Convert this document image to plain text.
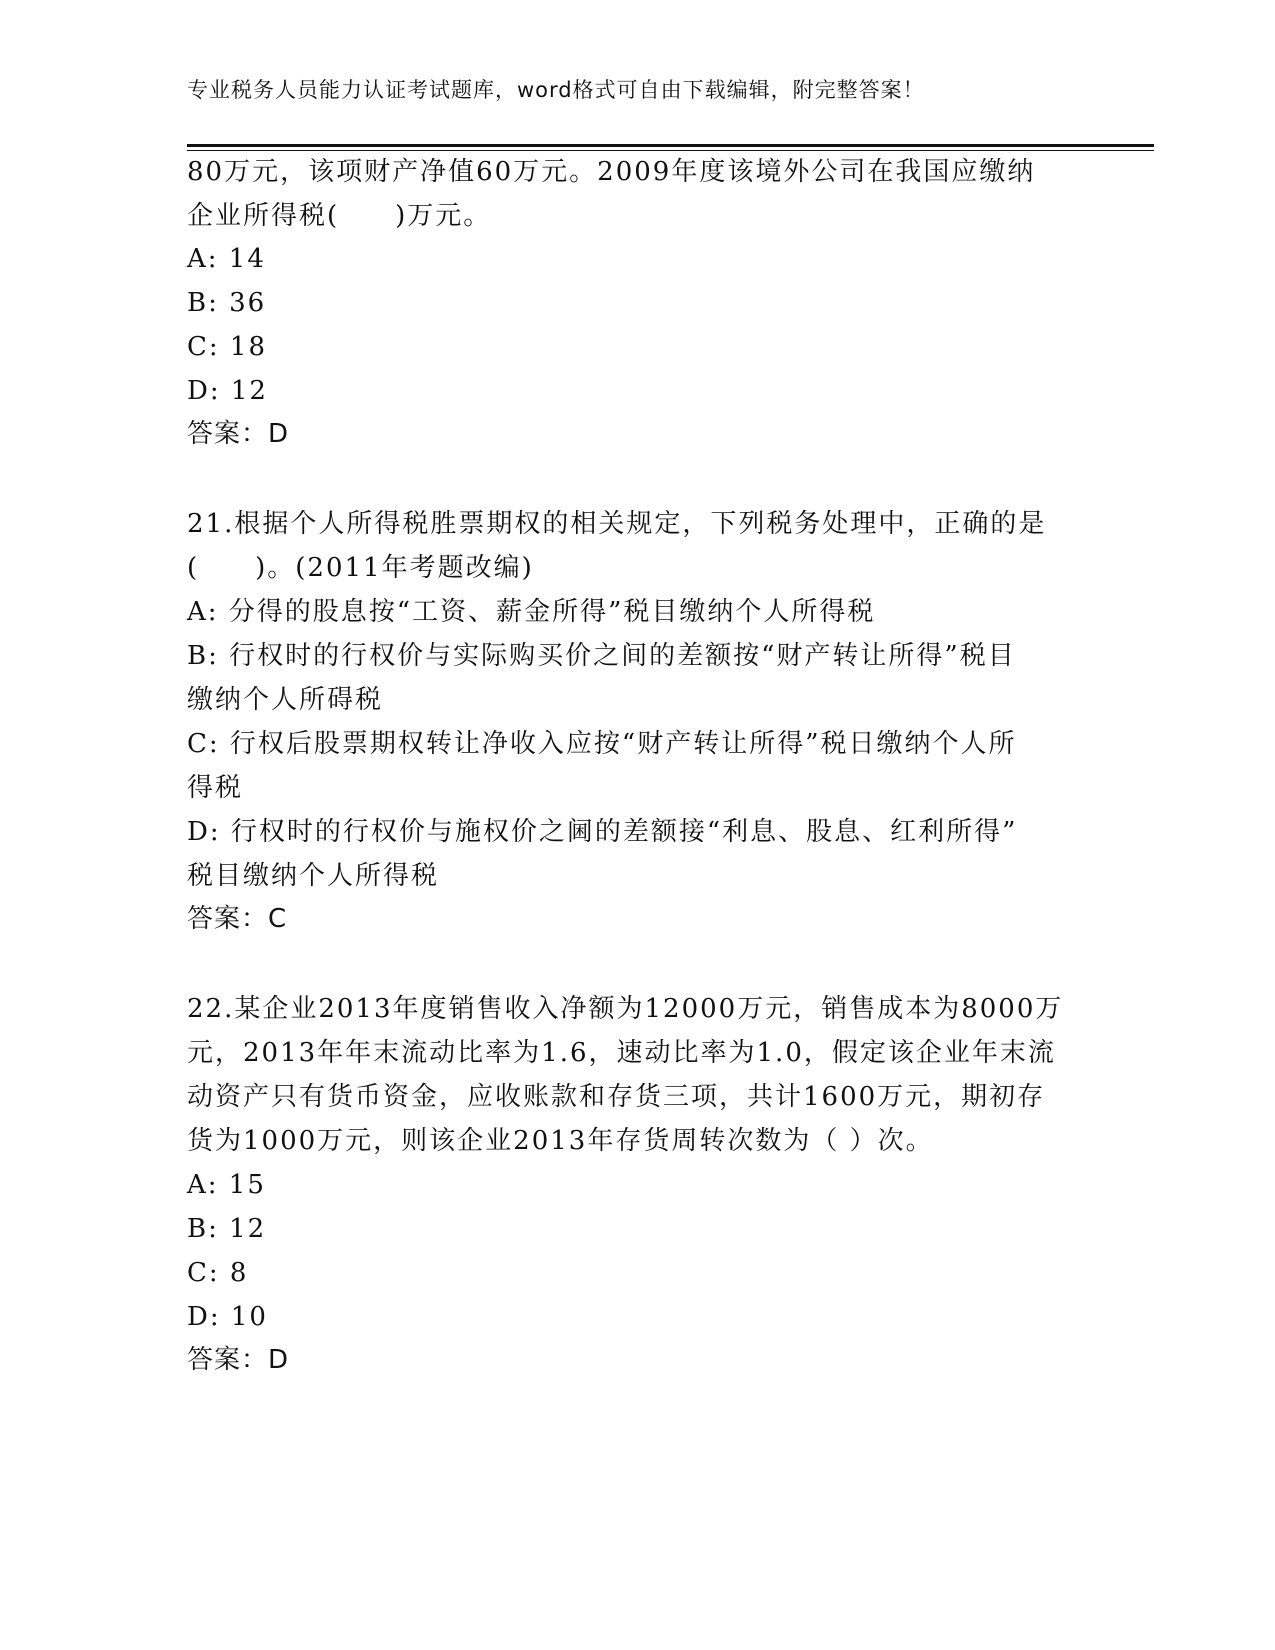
专业税务人员能力认证考试题库，word格式可自由下载编辑，附完整答案！
80万元，该项财产净值60万元。2009年度该境外公司在我国应缴纳
企业所得税(　　)万元。
A: 14
B: 36
C: 18
D: 12
答案：D
21.根据个人所得税胜票期权的相关规定，下列税务处理中，正确的是
(　　)。(2011年考题改编)
A: 分得的股息按“工资、薪金所得”税目缴纳个人所得税
B: 行权时的行权价与实际购买价之间的差额按“财产转让所得”税目
缴纳个人所碍税
C: 行权后股票期权转让净收入应按“财产转让所得”税日缴纳个人所
得税
D: 行权时的行权价与施权价之阃的差额接“利息、股息、红利所得”
税目缴纳个人所得税
答案：C
22.某企业2013年度销售收入净额为12000万元，销售成本为8000万
元，2013年年末流动比率为1.6，速动比率为1.0，假定该企业年末流
动资产只有货币资金，应收账款和存货三项，共计1600万元，期初存
货为1000万元，则该企业2013年存货周转次数为（ ）次。
A: 15
B: 12
C: 8
D: 10
答案：D
